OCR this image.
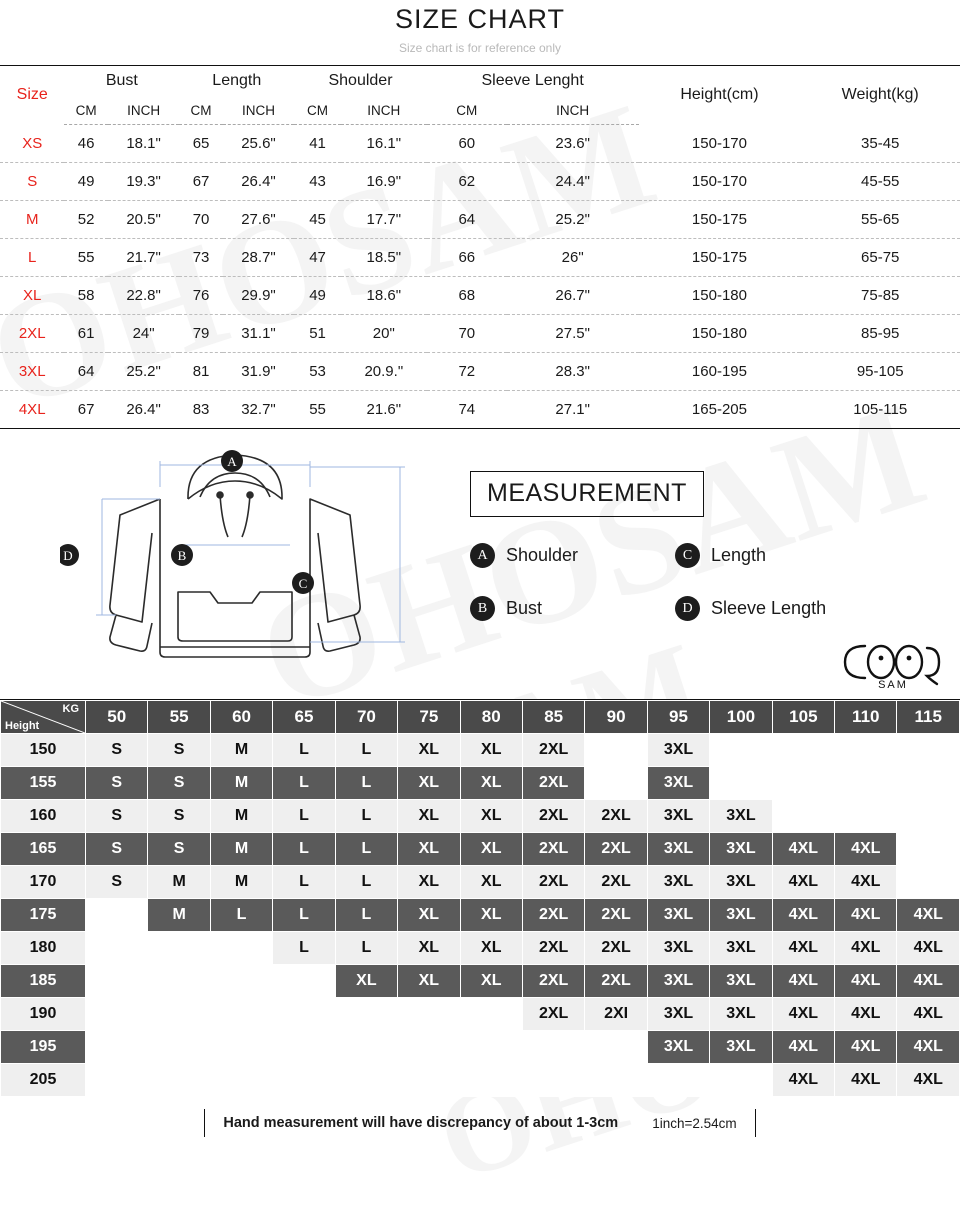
SIZE CHART
Size chart is for reference only
Size	Bust		Length		Shoulder		Sleeve Lenght		Height(cm)	Weight(kg)
	CM	INCH	CM	INCH	CM	INCH	CM	INCH		
XS	46	18.1"	65	25.6"	41	16.1"	60	23.6"	150-170	35-45
S	49	19.3"	67	26.4"	43	16.9"	62	24.4"	150-170	45-55
M	52	20.5"	70	27.6"	45	17.7"	64	25.2"	150-175	55-65
L	55	21.7"	73	28.7"	47	18.5"	66	26"	150-175	65-75
XL	58	22.8"	76	29.9"	49	18.6"	68	26.7"	150-180	75-85
2XL	61	24"	79	31.1"	51	20"	70	27.5"	150-180	85-95
3XL	64	25.2"	81	31.9"	53	20.9."	72	28.3"	160-195	95-105
4XL	67	26.4"	83	32.7"	55	21.6"	74	27.1"	165-205	105-115
A
B
C
D
MEASUREMENT
A	Shoulder	C	Length
B	Bust	D	Sleeve Length
SAM
KG
Height	50	55	60	65	70	75	80	85	90	95	100	105	110	115
150	S	S	M	L	L	XL	XL	2XL		3XL				
155	S	S	M	L	L	XL	XL	2XL		3XL				
160	S	S	M	L	L	XL	XL	2XL	2XL	3XL	3XL			
165	S	S	M	L	L	XL	XL	2XL	2XL	3XL	3XL	4XL	4XL	
170	S	M	M	L	L	XL	XL	2XL	2XL	3XL	3XL	4XL	4XL	
175		M	L	L	L	XL	XL	2XL	2XL	3XL	3XL	4XL	4XL	4XL
180				L	L	XL	XL	2XL	2XL	3XL	3XL	4XL	4XL	4XL
185					XL	XL	XL	2XL	2XL	3XL	3XL	4XL	4XL	4XL
190								2XL	2XI	3XL	3XL	4XL	4XL	4XL
195										3XL	3XL	4XL	4XL	4XL
205												4XL	4XL	4XL
Hand measurement will have discrepancy of about 1-3cm	1inch=2.54cm
